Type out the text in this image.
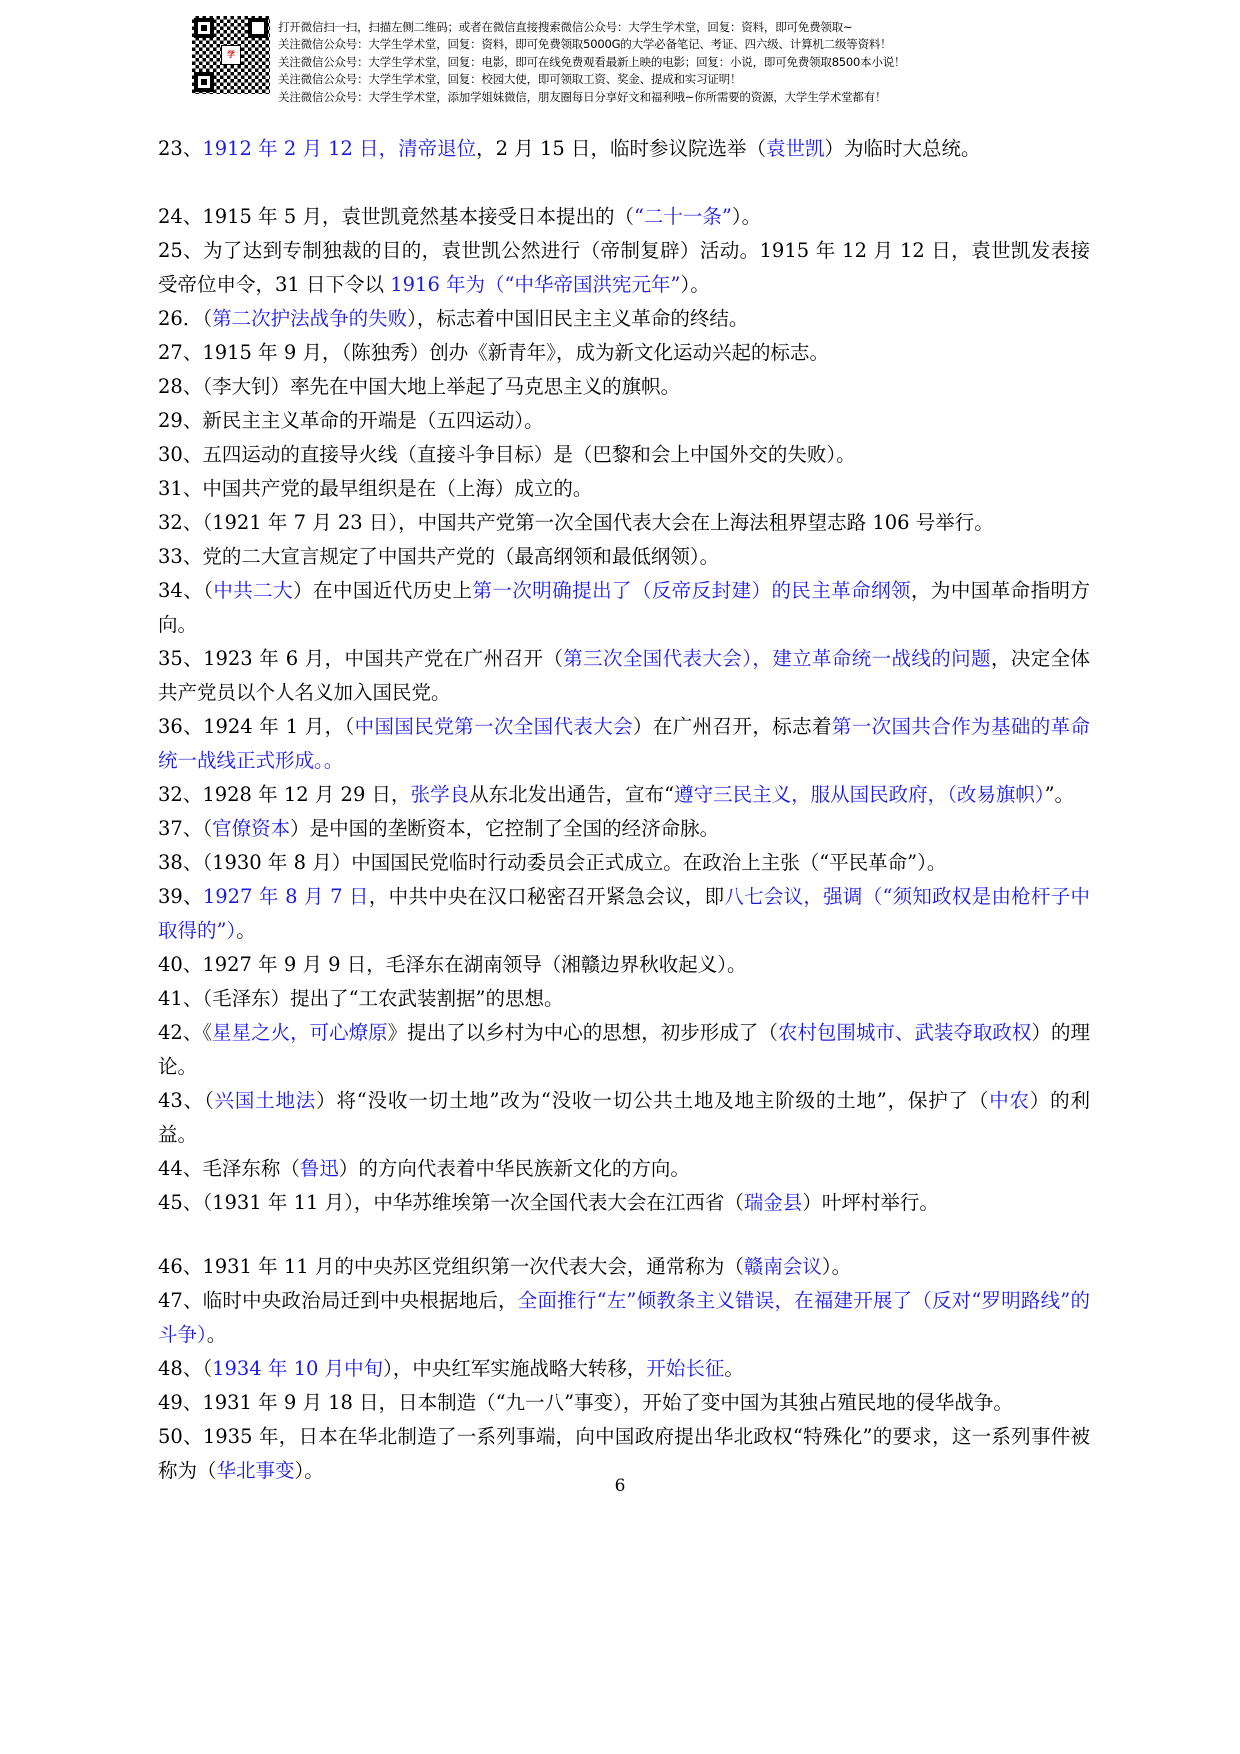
学
打开微信扫一扫，扫描左侧二维码；或者在微信直接搜索微信公众号：大学生学术堂，回复：资料，即可免费领取~
关注微信公众号：大学生学术堂，回复：资料，即可免费领取5000G的大学必备笔记、考证、四六级、计算机二级等资料！
关注微信公众号：大学生学术堂，回复：电影，即可在线免费观看最新上映的电影；回复：小说，即可免费领取8500本小说！
关注微信公众号：大学生学术堂，回复：校园大使，即可领取工资、奖金、提成和实习证明！
关注微信公众号：大学生学术堂，添加学姐妹微信，朋友圈每日分享好文和福利哦~你所需要的资源，大学生学术堂都有！

23、1912 年 2 月 12 日，清帝退位，2 月 15 日，临时参议院选举（袁世凯）为临时大总统。

24、1915 年 5 月，袁世凯竟然基本接受日本提出的（“二十一条”）。

25、为了达到专制独裁的目的，袁世凯公然进行（帝制复辟）活动。1915 年 12 月 12 日，袁世凯发表接受帝位申令，31 日下令以 1916 年为（“中华帝国洪宪元年”）。

26．（第二次护法战争的失败），标志着中国旧民主主义革命的终结。

27、1915 年 9 月，（陈独秀）创办《新青年》，成为新文化运动兴起的标志。

28、（李大钊）率先在中国大地上举起了马克思主义的旗帜。

29、新民主主义革命的开端是（五四运动）。

30、五四运动的直接导火线（直接斗争目标）是（巴黎和会上中国外交的失败）。

31、中国共产党的最早组织是在（上海）成立的。

32、（1921 年 7 月 23 日），中国共产党第一次全国代表大会在上海法租界望志路 106 号举行。

33、党的二大宣言规定了中国共产党的（最高纲领和最低纲领）。

34、（中共二大）在中国近代历史上第一次明确提出了（反帝反封建）的民主革命纲领，为中国革命指明方向。

35、1923 年 6 月，中国共产党在广州召开（第三次全国代表大会），建立革命统一战线的问题，决定全体共产党员以个人名义加入国民党。

36、1924 年 1 月，（中国国民党第一次全国代表大会）在广州召开，标志着第一次国共合作为基础的革命统一战线正式形成。。

32、1928 年 12 月 29 日，张学良从东北发出通告，宣布“遵守三民主义，服从国民政府，（改易旗帜）”。

37、（官僚资本）是中国的垄断资本，它控制了全国的经济命脉。

38、（1930 年 8 月）中国国民党临时行动委员会正式成立。在政治上主张（“平民革命”）。

39、1927 年 8 月 7 日，中共中央在汉口秘密召开紧急会议，即八七会议，强调（“须知政权是由枪杆子中取得的”）。

40、1927 年 9 月 9 日，毛泽东在湖南领导（湘赣边界秋收起义）。

41、（毛泽东）提出了“工农武装割据”的思想。

42、《星星之火，可心燎原》提出了以乡村为中心的思想，初步形成了（农村包围城市、武装夺取政权）的理论。

43、（兴国土地法）将“没收一切土地”改为“没收一切公共土地及地主阶级的土地”，保护了（中农）的利益。

44、毛泽东称（鲁迅）的方向代表着中华民族新文化的方向。

45、（1931 年 11 月），中华苏维埃第一次全国代表大会在江西省（瑞金县）叶坪村举行。

46、1931 年 11 月的中央苏区党组织第一次代表大会，通常称为（赣南会议）。

47、临时中央政治局迁到中央根据地后，全面推行“左”倾教条主义错误，在福建开展了（反对“罗明路线”的斗争）。

48、（1934 年 10 月中旬），中央红军实施战略大转移，开始长征。

49、1931 年 9 月 18 日，日本制造（“九一八”事变），开始了变中国为其独占殖民地的侵华战争。

50、1935 年，日本在华北制造了一系列事端，向中国政府提出华北政权“特殊化”的要求，这一系列事件被称为（华北事变）。

6
